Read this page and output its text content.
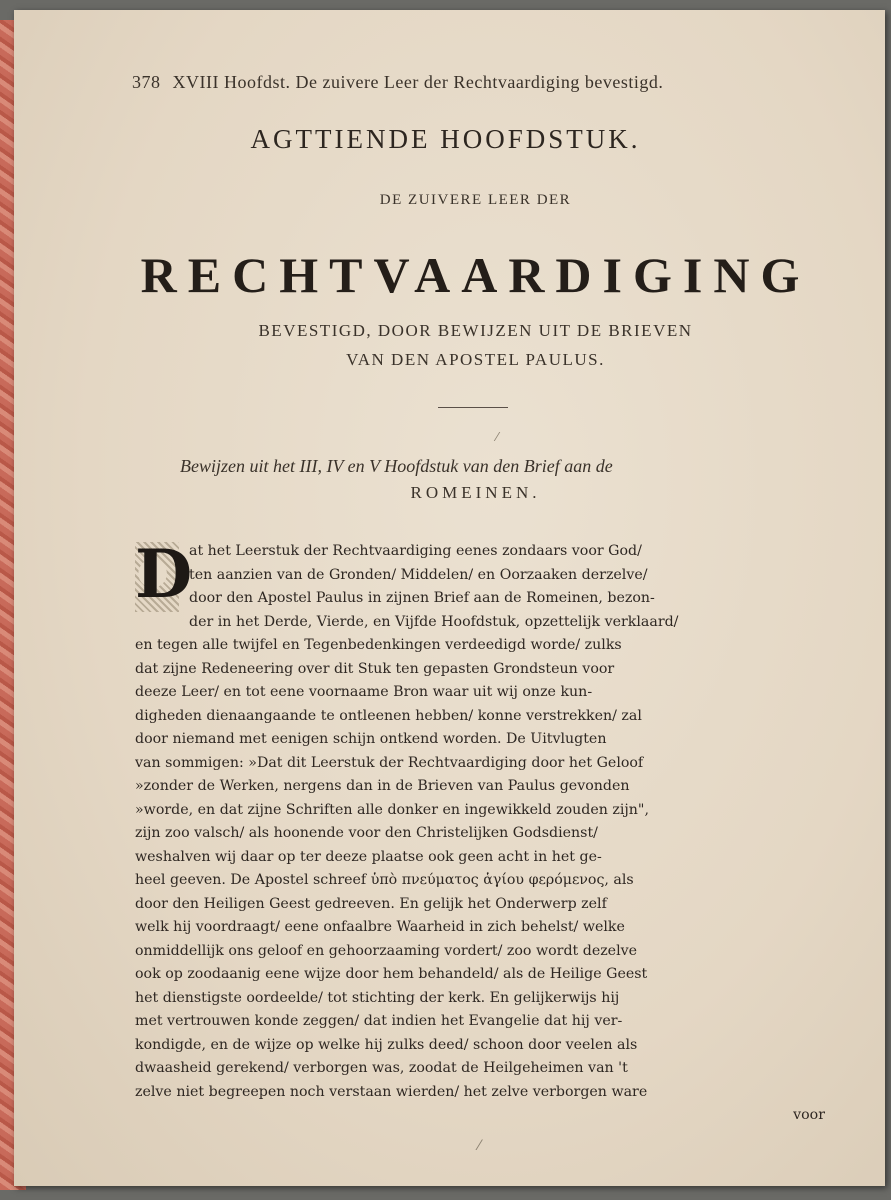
378 XVIII Hoofdst. De zuivere Leer der Rechtvaardiging bevestigd.
AGTTIENDE HOOFDSTUK.
DE ZUIVERE LEER DER
RECHTVAARDIGING
BEVESTIGD, DOOR BEWIJZEN UIT DE BRIEVEN
VAN DEN APOSTEL PAULUS.
⁄
Bewijzen uit het III, IV en V Hoofdstuk van den Brief aan de
ROMEINEN.
D
at het Leerstuk der Rechtvaardiging eenes zondaars voor God/
ten aanzien van de Gronden/ Middelen/ en Oorzaaken derzelve/
door den Apostel Paulus in zijnen Brief aan de Romeinen, bezon-
der in het Derde, Vierde, en Vijfde Hoofdstuk, opzettelijk verklaard/
en tegen alle twijfel en Tegenbedenkingen verdeedigd worde/ zulks
dat zijne Redeneering over dit Stuk ten gepasten Grondsteun voor
deeze Leer/ en tot eene voornaame Bron waar uit wij onze kun-
digheden dienaangaande te ontleenen hebben/ konne verstrekken/ zal
door niemand met eenigen schijn ontkend worden. De Uitvlugten
van sommigen: »Dat dit Leerstuk der Rechtvaardiging door het Geloof
»zonder de Werken, nergens dan in de Brieven van Paulus gevonden
»worde, en dat zijne Schriften alle donker en ingewikkeld zouden zijn",
zijn zoo valsch/ als hoonende voor den Christelijken Godsdienst/
weshalven wij daar op ter deeze plaatse ook geen acht in het ge-
heel geeven. De Apostel schreef ὑπὸ πνεύματος ἁγίου φερόμενος, als
door den Heiligen Geest gedreeven. En gelijk het Onderwerp zelf
welk hij voordraagt/ eene onfaalbre Waarheid in zich behelst/ welke
onmiddellijk ons geloof en gehoorzaaming vordert/ zoo wordt dezelve
ook op zoodaanig eene wijze door hem behandeld/ als de Heilige Geest
het dienstigste oordeelde/ tot stichting der kerk. En gelijkerwijs hij
met vertrouwen konde zeggen/ dat indien het Evangelie dat hij ver-
kondigde, en de wijze op welke hij zulks deed/ schoon door veelen als
dwaasheid gerekend/ verborgen was, zoodat de Heilgeheimen van 't
zelve niet begreepen noch verstaan wierden/ het zelve verborgen ware
voor
⁄
